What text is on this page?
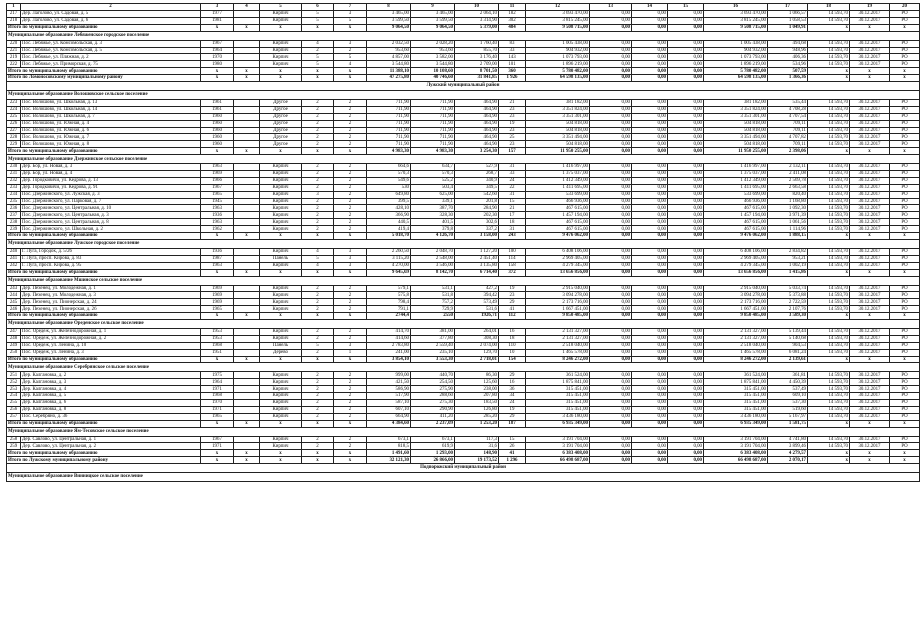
1	2	3	4	5	6	7	8	9	10	11	12	13	14	15	16	17	18	19	20
217	Дер. Лаголово, ул. Садовая, д. 5	1977		Кирпич	5	3	3 465,00	3 465,00	2 064,10	182	3 693 470,00	0,00	0,00	0,00	3 693 470,00	1 066,57	14 593,70	30.12.2017	РО
218	Дер. Лаголово, ул. Садовая, д. 6	1981		Кирпич	5	5	3 599,50	3 599,50	3 314,90	302	3 815 245,00	0,00	0,00	0,00	3 815 245,00	1 058,53	14 593,70	30.12.2017	РО
Итого по муниципальному образованию		x	x	x	x	x	9 064,50	9 064,50	5 379,00	484	9 508 715,00	0,00	0,00	0,00	9 508 715,00	1 049,91	x	x	x
Муниципальное образование Лебяженское городское поселение																			
220	Пос. Лебяжье, ул. Комсомольская, д. 3	1967		Кирпич	4	3	2 032,50	2 028,20	1 760,40	83	1 005 438,00	0,00	0,00	0,00	1 005 438,00	494,68	14 593,70	30.12.2017	РО
221	Пос. Лебяжье, ул. Комсомольская, д. 5	1964		Кирпич	2	2	953,60	953,60	855,70	33	904 932,00	0,00	0,00	0,00	904 932,00	948,96	14 593,70	30.12.2017	РО
219	Пос. Лебяжье, ул. Пляжная, д. 2	1970		Кирпич	5	5	4 857,00	3 582,00	3 176,40	143	1 073 793,00	0,00	0,00	0,00	1 073 793,00	406,36	14 593,70	30.12.2017	РО
222	Пос. Лебяжье, ул. Приморская, д. 75	1980		Кирпич	5	4	3 544,80	3 544,80	2 709,00	101	1 896 219,00	0,00	0,00	0,00	1 896 219,00	534,96	14 593,70	30.12.2017	РО
Итого по муниципальному образованию		x	x	x	x	x	11 388,10	10 108,60	8 701,50	360	5 780 482,00	0,00	0,00	0,00	5 780 482,00	507,59	x	x	x
Итого по Ломоносовскому муниципальному району		x	x	x	x	x	47 275,80	40 746,60	31 841,85	1 926	64 598 135,00	0,00	0,00	0,00	64 598 135,00	1 366,36	x	x	x
Лужский муниципальный район																			
Муниципальное образование Волошовское сельское поселение																			
223	Пос. Волошово, ул. Школьная, д. 13	1961		Другое	2	2	711,90	711,90	464,90	21	381 182,00	0,00	0,00	0,00	381 182,00	535,44	14 593,70	30.12.2017	РО
224	Пос. Волошово, ул. Школьная, д. 14	1961		Другое	2	2	711,90	711,90	464,90	23	3 351 824,00	0,00	0,00	0,00	3 351 824,00	4 708,28	14 593,70	30.12.2017	РО
225	Пос. Волошово, ул. Школьная, д. 7	1960		Другое	2	2	711,90	711,90	464,90	23	3 351 301,00	0,00	0,00	0,00	3 351 301,00	4 707,54	14 593,70	30.12.2017	РО
226	Пос. Волошово, ул. Южная, д. 4	1960		Другое	2	2	711,90	711,90	464,90	19	504 818,00	0,00	0,00	0,00	504 818,00	709,11	14 593,70	30.12.2017	РО
227	Пос. Волошово, ул. Южная, д. 6	1960		Другое	2	2	711,90	711,90	464,90	23	504 818,00	0,00	0,00	0,00	504 818,00	709,11	14 593,70	30.12.2017	РО
228	Пос. Волошово, ул. Южная, д. 7	1960		Другое	2	2	711,90	711,90	464,90	25	3 351 494,00	0,00	0,00	0,00	3 351 494,00	4 707,82	14 593,70	30.12.2017	РО
229	Пос. Волошово, ул. Южная, д. 8	1960		Другое	2	2	711,90	711,90	464,90	23	504 818,00	0,00	0,00	0,00	504 818,00	709,11	14 593,70	30.12.2017	РО
Итого по муниципальному образованию		x	x	x	x	x	4 983,30	4 983,30	3 254,30	157	11 950 255,00	0,00	0,00	0,00	11 950 255,00	2 398,06	x	x	x
Муниципальное образование Дзержинское сельское поселение																			
230	Дер. Бор, ул. Новая, д. 3	1963		Кирпич	2	2	664,6	634,7	527,9	31	1 416 997,00	0,00	0,00	0,00	1 416 997,00	2 132,11	14 593,70	30.12.2017	РО
231	Дер. Бор, ул. Новая, д. 4	1969		Кирпич	2	2	570,3	570,3	268,7	33	1 375 037,00	0,00	0,00	0,00	1 375 037,00	2 411,08	14 593,70	30.12.2017	РО
232	Дер. Городковичи, ул. Кедрова, д. 13	1966		Кирпич	2	2	549,6	525,2	340,9	24	1 412 349,00	0,00	0,00	0,00	1 412 349,00	2 569,78	14 593,70	30.12.2017	РО
233	Дер. Городковичи, ул. Кедрова, д. 91	1967		Кирпич	2	2	530	503,4	349,5	22	1 411 695,00	0,00	0,00	0,00	1 411 695,00	2 663,58	14 593,70	30.12.2017	РО
234	Пос. Дзержинского, ул. Лужская, д. 3	1965		Кирпич	3	2	649,80	625,00	542,60	31	533 699,00	0,00	0,00	0,00	533 699,00	820,40	14 593,70	30.12.2017	РО
235	Пос. Дзержинского, ул. Парковая, д. 7	1945		Кирпич	2	2	399,5	339,1	201,8	15	466 936,00	0,00	0,00	0,00	466 936,00	1 168,80	14 593,70	30.12.2017	РО
236	Пос. Дзержинского, ул. Центральная, д. 10	1963		Кирпич	2	2	428,10	387,70	284,90	21	467 615,00	0,00	0,00	0,00	467 615,00	1 092,30	14 593,70	30.12.2017	РО
237	Пос. Дзержинского, ул. Центральная, д. 3	1936		Кирпич	2	2	366,90	328,30	202,30	17	1 457 194,00	0,00	0,00	0,00	1 457 194,00	3 971,39	14 593,70	30.12.2017	РО
238	Пос. Дзержинского, ул. Центральная, д. 8	1963		Кирпич	2	2	440,5	401,5	302,6	18	467 615,00	0,00	0,00	0,00	467 615,00	1 061,56	14 593,70	30.12.2017	РО
239	Пос. Дзержинского, ул. Школьная, д. 2	1962		Кирпич	2	2	419,4	379,8	337,2	31	467 615,00	0,00	0,00	0,00	467 615,00	1 114,96	14 593,70	30.12.2017	РО
Итого по муниципальному образованию		x	x	x	x	x	5 018,70	4 126,70	3 158,00	243	9 476 062,00	0,00	0,00	0,00	9 476 062,00	1 888,15	x	x	x
Муниципальное образование Лужское городское поселение																			
240	Г. Луга, Городок, д. 5/26	1936		Кирпич	4	3	2 260,50	2 048,70	1 127,20	100	6 408 106,00	0,00	0,00	0,00	6 408 106,00	2 834,82	14 593,70	30.12.2017	РО
241	Г. Луга, просп. Кирова, д. 83	1987		Панель	5	3	3 115,20	2 548,00	2 451,40	114	2 969 405,00	0,00	0,00	0,00	2 969 405,00	953,21	14 593,70	30.12.2017	РО
242	Г. Луга, просп. Кирова, д. 95	1963		Кирпич	4	3	4 270,00	3 546,00	3 135,80	158	4 279 345,00	0,00	0,00	0,00	4 279 345,00	1 002,19	14 593,70	30.12.2017	РО
Итого по муниципальному образованию		x	x	x	x	x	9 645,69	8 142,70	6 714,40	372	13 656 856,00	0,00	0,00	0,00	13 656 856,00	1 415,86	x	x	x
Муниципальное образование Мшинское сельское поселение																			
243	Дер. Пехенец, ул. Молодежная, д. 1	1969		Кирпич	2	2	579,1	531,1	427,2	19	2 915 040,00	0,00	0,00	0,00	2 915 040,00	5 033,74	14 593,70	30.12.2017	РО
244	Дер. Пехенец, ул. Молодежная, д. 3	1969		Кирпич	2	2	575,8	531,8	394,42	23	3 094 278,00	0,00	0,00	0,00	3 094 278,00	5 373,88	14 593,70	30.12.2017	РО
245	Дер. Пехенец, ул. Пионерская, д. 24	1969		Кирпич	2	2	798,4	757,2	573,49	29	2 173 716,00	0,00	0,00	0,00	2 173 716,00	2 722,59	14 593,70	30.12.2017	РО
246	Дер. Пехенец, ул. Пионерская, д. 26	1965		Кирпич	2	2	791,1	729,9	531,6	41	1 667 451,00	0,00	0,00	0,00	1 667 451,00	2 107,76	14 593,70	30.12.2017	РО
Итого по муниципальному образованию		x	x	x	x	x	2744,4	2550	1926,71	112	9 850 485,00	0,00	0,00	0,00	9 850 485,00	3 589,30	x	x	x
Муниципальное образование Ореденское сельское поселение																			
247	Пос. Оредеж, ул. Железнодорожная, д. 1	1953		Кирпич	2	2	414,70	381,00	264,01	16	2 131 327,00	0,00	0,00	0,00	2 131 327,00	5 139,44	14 593,70	30.12.2017	РО
248	Пос. Оредеж, ул. Железнодорожная, д. 2	1953		Кирпич	2	2	414,60	377,80	308,30	18	2 131 327,00	0,00	0,00	0,00	2 131 327,00	5 140,68	14 593,70	30.12.2017	РО
249	Пос. Оредеж, ул. Ленина, д. 10	1968		Панель	5	3	2 783,80	2 559,40	2 074,00	110	2 518 040,00	0,00	0,00	0,00	2 518 040,00	904,53	14 593,70	30.12.2017	РО
250	Пос. Оредеж, ул. Ленина, д. 3	1951		Дерево	2	1	241,00	235,10	129,70	10	1 465 578,00	0,00	0,00	0,00	1 465 578,00	6 081,24	14 593,70	30.12.2017	РО
Итого по муниципальному образованию		x	x	x	x	x	3 854,10	3 553,30	2 718,01	154	8 246 272,00	0,00	0,00	0,00	8 246 272,00	2 139,61	x	x	x
Муниципальное образование Серебрянское сельское поселение																			
251	Дер. Калгановка, д. 2	1975		Кирпич	2	2	999,00	440,70	86,30	29	361 524,00	0,00	0,00	0,00	361 524,00	361,81	14 593,70	30.12.2017	РО
252	Дер. Калгановка, д. 3	1964		Кирпич	2	2	421,50	254,50	125,60	16	1 875 841,00	0,00	0,00	0,00	1 875 841,00	4 450,39	14 593,70	30.12.2017	РО
253	Дер. Калгановка, д. 4	1971		Кирпич	2	2	586,90	275,90	238,00	36	315 451,00	0,00	0,00	0,00	315 451,00	537,49	14 593,70	30.12.2017	РО
254	Дер. Калгановка, д. 5	1968		Кирпич	2	2	517,90	288,60	207,80	34	315 451,00	0,00	0,00	0,00	315 451,00	609,10	14 593,70	30.12.2017	РО
255	Дер. Калгановка, д. 6	1970		Кирпич	2	2	587,10	275,30	183,50	24	315 451,00	0,00	0,00	0,00	315 451,00	537,30	14 593,70	30.12.2017	РО
256	Дер. Калгановка, д. 8	1971		Кирпич	2	2	607,10	290,90	126,80	19	315 451,00	0,00	0,00	0,00	315 451,00	519,60	14 593,70	30.12.2017	РО
257	Пос. Серебряно, д. 36	1965		Кирпич	2	2	664,90	411,20	285,20	29	3 436 180,00	0,00	0,00	0,00	3 436 180,00	5 167,97	14 593,70	30.12.2017	РО
Итого по муниципальному образованию		x	x	x	x	x	4 384,60	2 237,09	1 253,20	187	6 935 349,00	0,00	0,00	0,00	6 935 349,00	1 581,75	x	x	x
Муниципальное образование Ям-Тесовское сельское поселение																			
258	Дер. Савлово, ул. Центральная, д. 1	1967		Кирпич	2	2	673,1	673,1	117,3	15	3 191 704,00	0,00	0,00	0,00	3 191 704,00	4 741,80	14 593,70	30.12.2017	РО
259	Дер. Савлово, ул. Центральная, д. 2	1971		Кирпич	2	2	818,5	619,9	31,6	26	3 191 704,00	0,00	0,00	0,00	3 191 704,00	3 899,46	14 593,70	30.12.2017	РО
Итого по муниципальному образованию		x	x	x	x	x	1 491,60	1 293,00	148,90	41	6 383 408,00	0,00	0,00	0,00	6 383 408,00	4 279,57	x	x	x
Итого по Лужскому муниципальному району		x	x	x	x	x	32 121,30	26 866,00	19 173,52	1 296	66 498 687,00	0,00	0,00	0,00	66 498 687,00	2 070,17	x	x	x
Подпорожский муниципальный район																			
Муниципальное образование Винницкое сельское поселение																			
